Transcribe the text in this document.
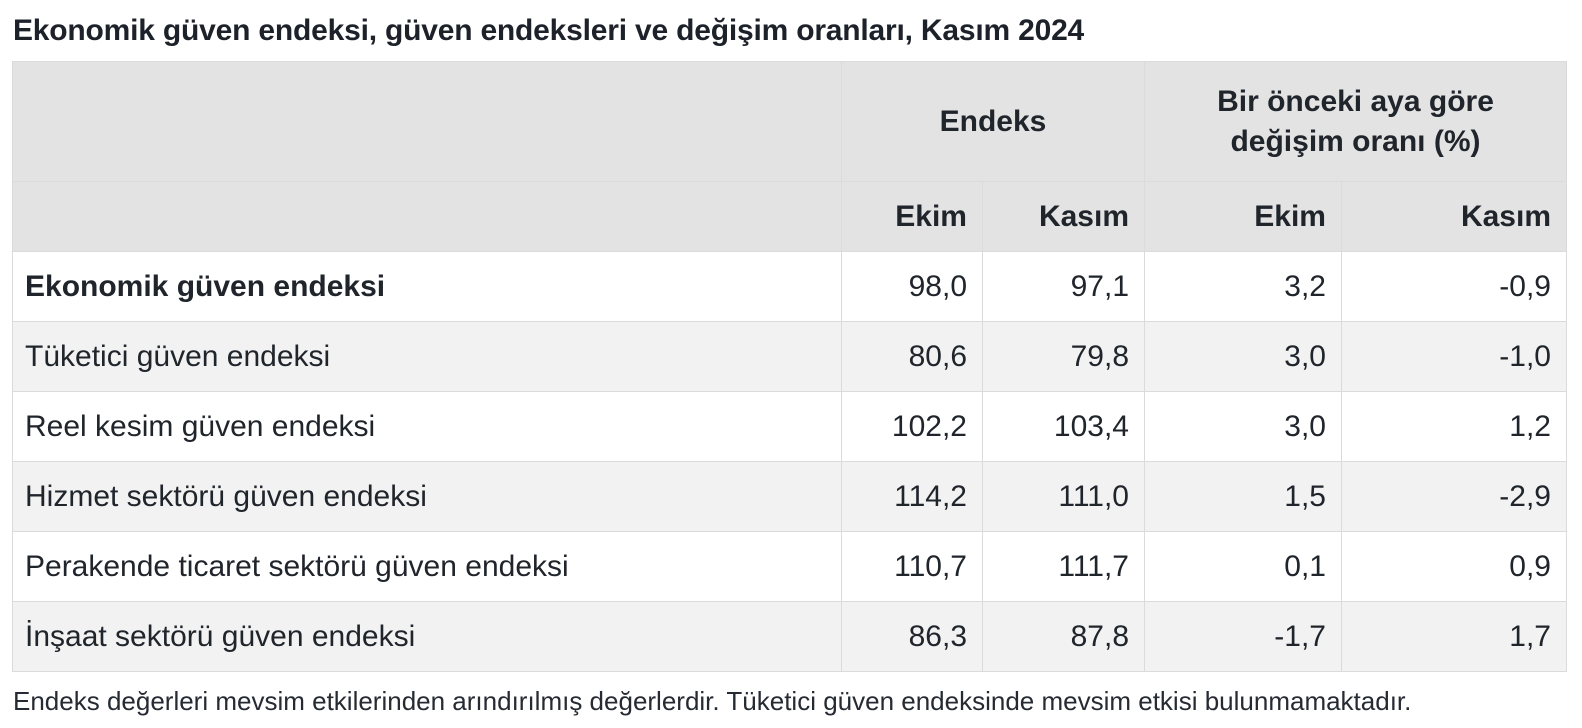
Ekonomik güven endeksi, güven endeksleri ve değişim oranları, Kasım 2024

	Endeks		Bir önceki aya göre değişim oranı (%)	

	Ekim	Kasım	Ekim	Kasım
Ekonomik güven endeksi	98,0	97,1	3,2	-0,9
Tüketici güven endeksi	80,6	79,8	3,0	-1,0
Reel kesim güven endeksi	102,2	103,4	3,0	1,2
Hizmet sektörü güven endeksi	114,2	111,0	1,5	-2,9
Perakende ticaret sektörü güven endeksi	110,7	111,7	0,1	0,9
İnşaat sektörü güven endeksi	86,3	87,8	-1,7	1,7

Endeks değerleri mevsim etkilerinden arındırılmış değerlerdir. Tüketici güven endeksinde mevsim etkisi bulunmamaktadır.
